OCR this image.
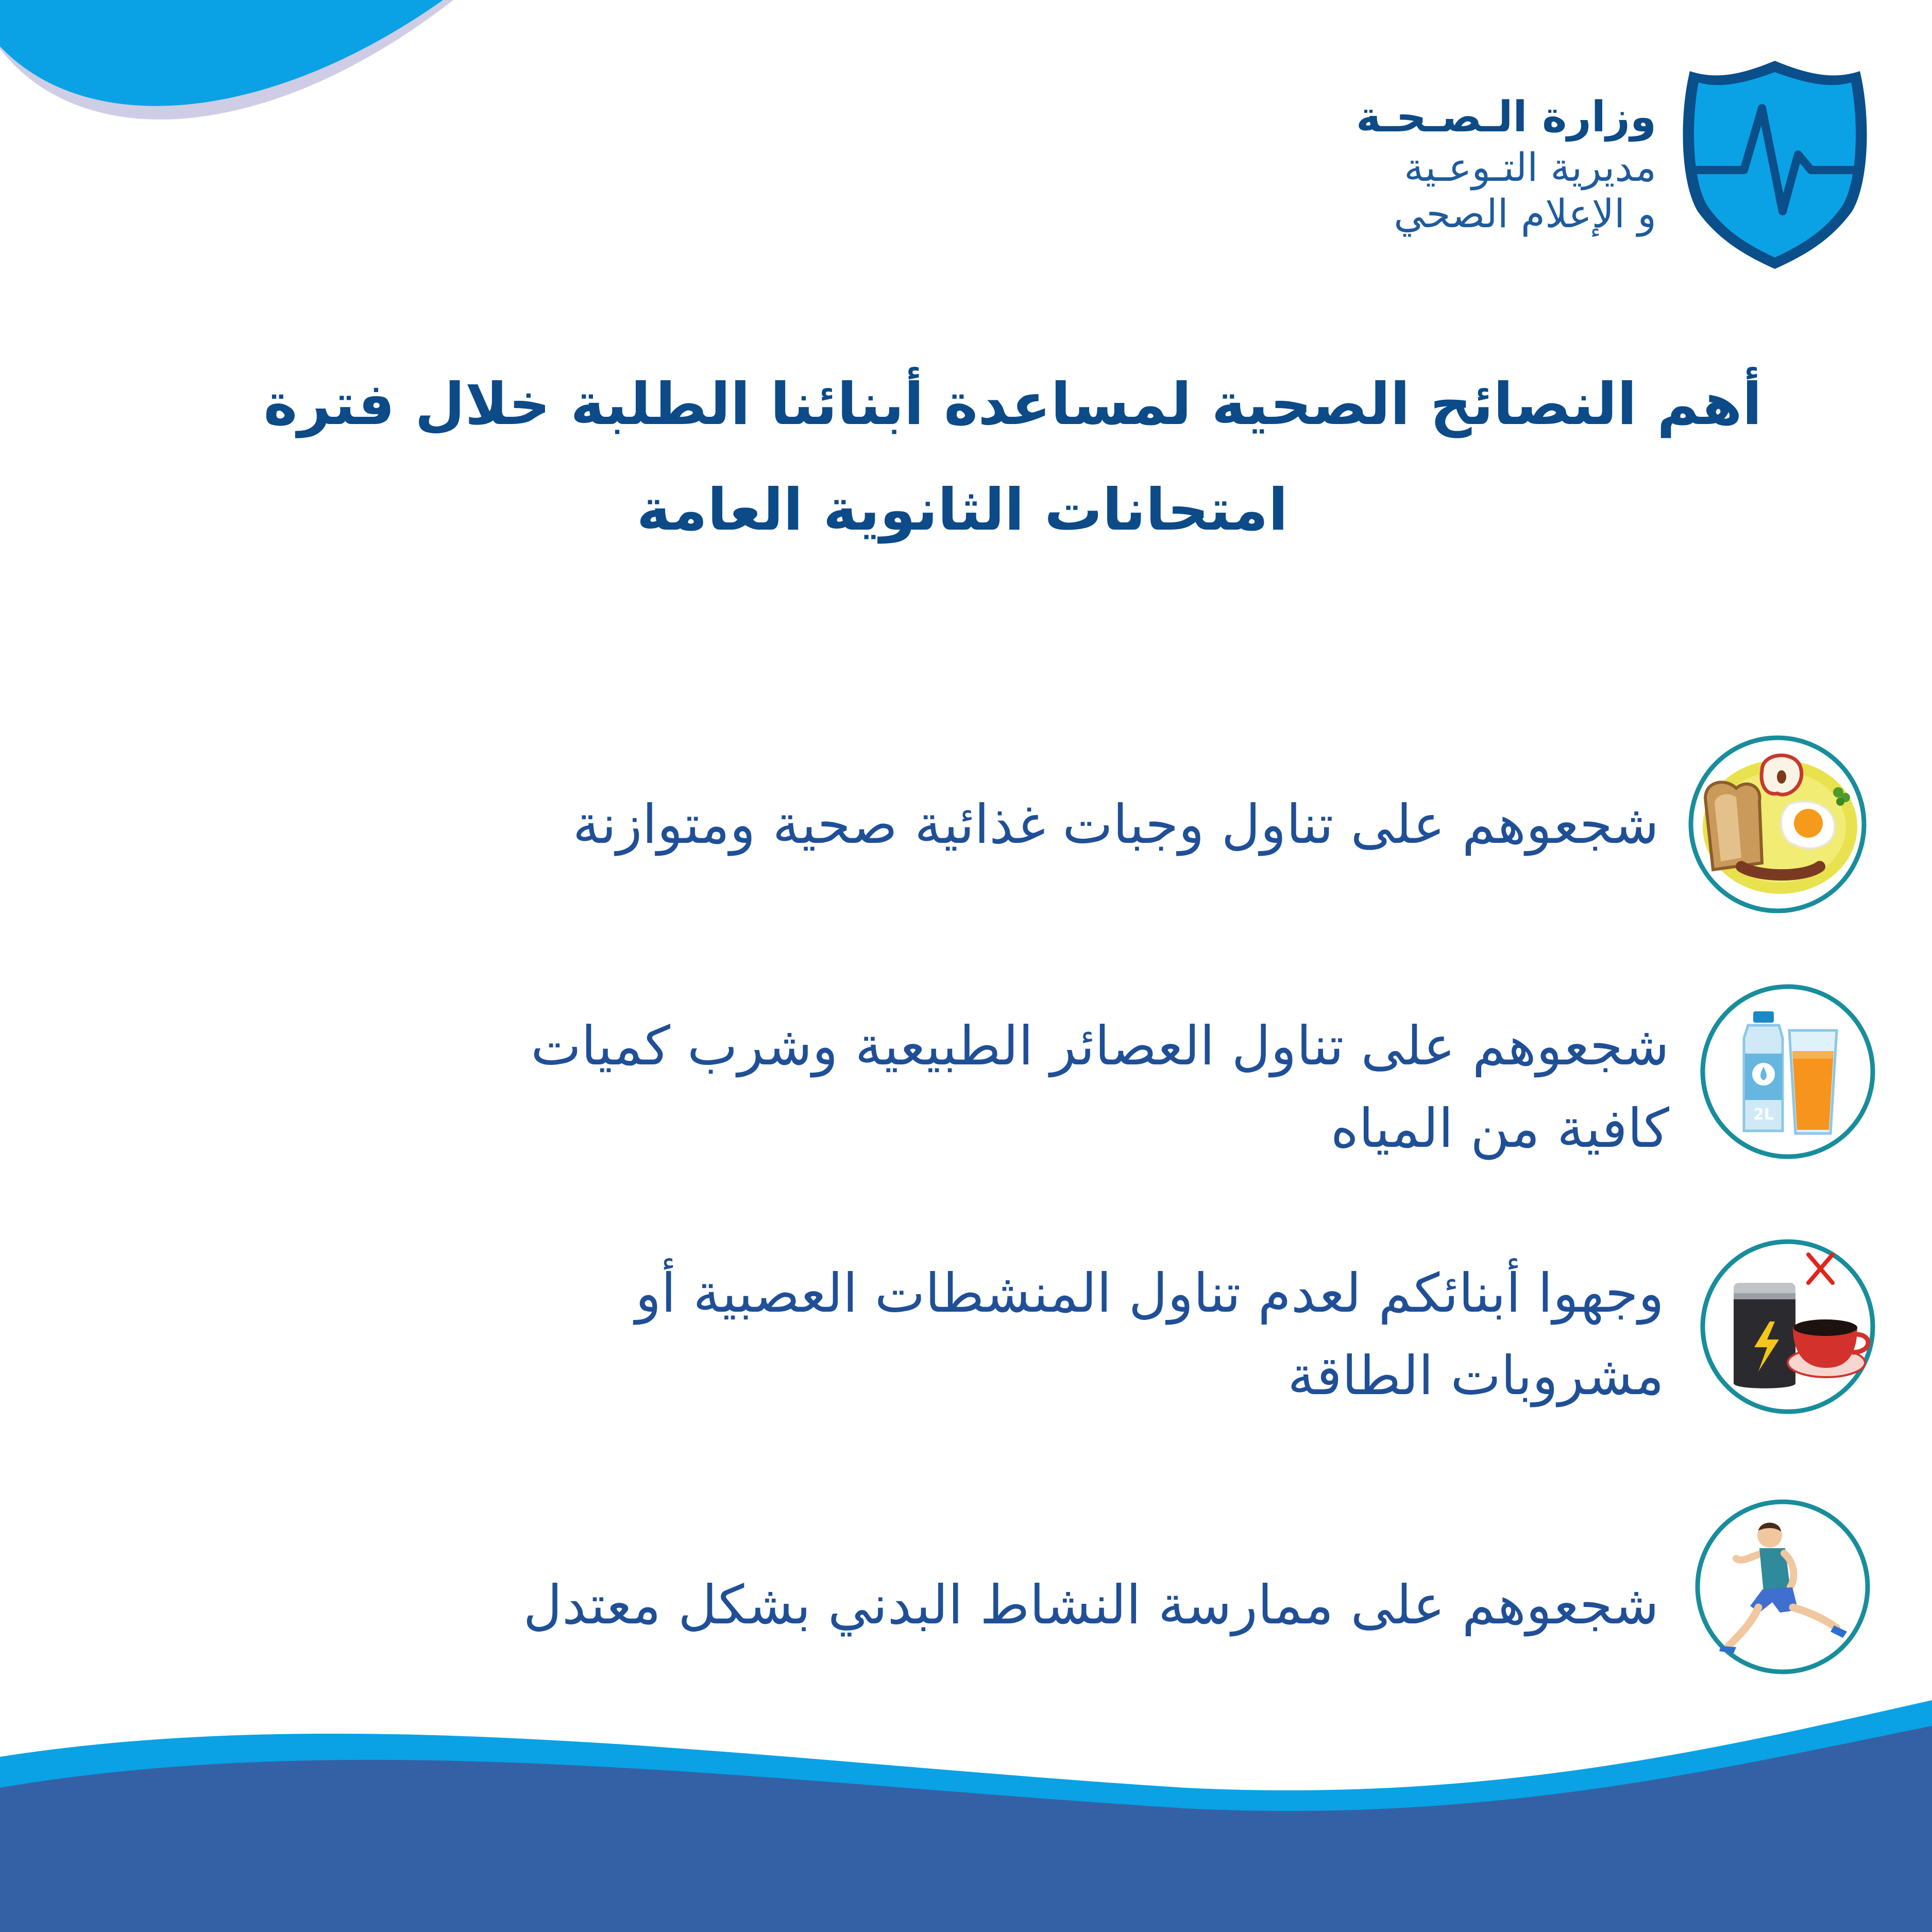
وزارة الـصـحـة
مديرية التـوعـية
و الإعلام الصحي
أهم النصائح الصحية لمساعدة أبنائنا الطلبة خلال فترة
امتحانات الثانوية العامة
شجعوهم على تناول وجبات غذائية صحية ومتوازنة
2L
شجعوهم على تناول العصائر الطبيعية وشرب كميات
كافية من المياه
وجهوا أبنائكم لعدم تناول المنشطات العصبية أو
مشروبات الطاقة
شجعوهم على ممارسة النشاط البدني بشكل معتدل
